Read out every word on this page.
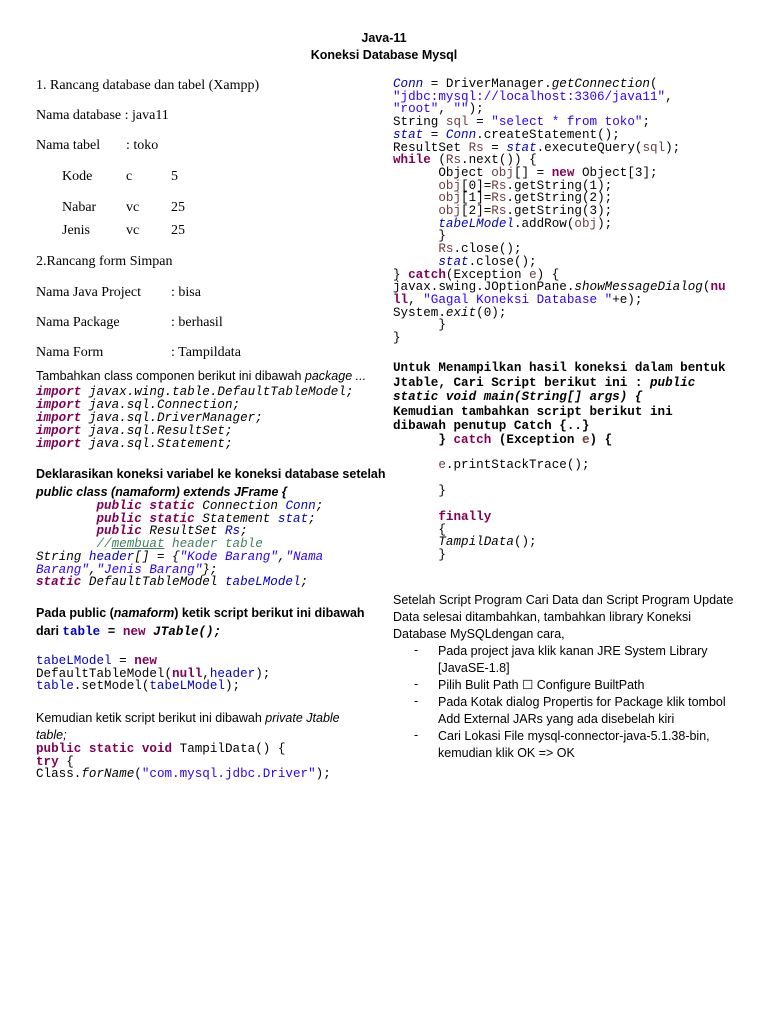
Java-11
Koneksi Database Mysql
1. Rancang database dan tabel (Xampp)
Nama database : java11
Nama tabel : toko
Kode c	5
Nabar vc 25
Jenis	vc 25
2.Rancang form Simpan
Nama Java Project : bisa
Nama Package	: berhasil
Nama Form	: Tampildata
Tambahkan class componen berikut ini dibawah package ...
import javax.wing.table.DefaultTableModel;
import java.sql.Connection;
import java.sql.DriverManager;
import java.sql.ResultSet;
import java.sql.Statement;
Deklarasikan koneksi variabel ke koneksi database setelah
public class (namaform) extends JFrame {
public static Connection Conn;
public static Statement stat;
public ResultSet Rs;
//membuat header table
String header[] = {"Kode Barang","Nama
Barang","Jenis Barang"};
static DefaultTableModel tabeLModel;
Pada public (namaform) ketik script berikut ini dibawah
dari table = new JTable();
tabeLModel = new
DefaultTableModel(null,header);
table.setModel(tabeLModel);
Kemudian ketik script berikut ini dibawah private Jtable
table;
public static void TampilData() {
try {
Class.forName("com.mysql.jdbc.Driver");
Conn = DriverManager.getConnection(
"jdbc:mysql://localhost:3306/java11",
"root", "");
String sql = "select * from toko";
stat = Conn.createStatement();
ResultSet Rs = stat.executeQuery(sql);
while (Rs.next()) {
Object obj[] = new Object[3];
obj[0]=Rs.getString(1);
obj[1]=Rs.getString(2);
obj[2]=Rs.getString(3);
tabeLModel.addRow(obj);
}
Rs.close();
stat.close();
} catch(Exception e) {
javax.swing.JOptionPane.showMessageDialog(nu
ll, "Gagal Koneksi Database "+e);
System.exit(0);
}
}
Untuk Menampilkan hasil koneksi dalam bentuk
Jtable, Cari Script berikut ini : public
static void main(String[] args) {
Kemudian tambahkan script berikut ini
dibawah penutup Catch {..}
} catch (Exception e) {
e.printStackTrace();
}
finally
{
TampilData();
}
Setelah Script Program Cari Data dan Script Program Update
Data selesai ditambahkan, tambahkan library Koneksi
Database MySQLdengan cara,
- Pada project java klik kanan JRE System Library
[JavaSE-1.8]
- Pilih Bulit Path ☐ Configure BuiltPath
- Pada Kotak dialog Propertis for Package klik tombol
Add External JARs yang ada disebelah kiri
- Cari Lokasi File mysql-connector-java-5.1.38-bin,
kemudian klik OK => OK
